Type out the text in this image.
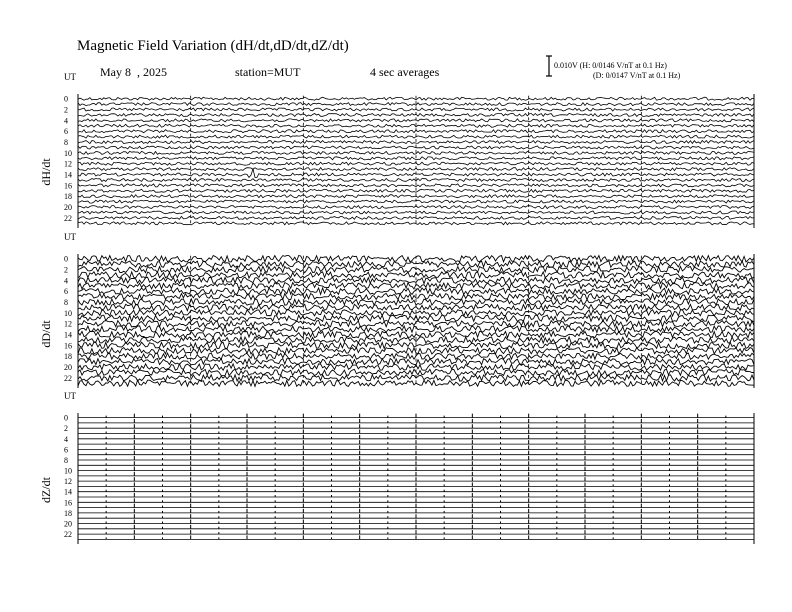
Magnetic Field Variation (dH/dt,dD/dt,dZ/dt)
May 8  , 2025	station=MUT	4 sec averages	0.010V (H: 0/0146 V/nT at 0.1 Hz)
(D: 0/0147 V/nT at 0.1 Hz)
UT
dH/dt
0
2
4
6
8
10
12
14
16
18
20
22
UT
dD/dt
0
2
4
6
8
10
12
14
16
18
20
22
UT
dZ/dt
0
2
4
6
8
10
12
14
16
18
20
22
